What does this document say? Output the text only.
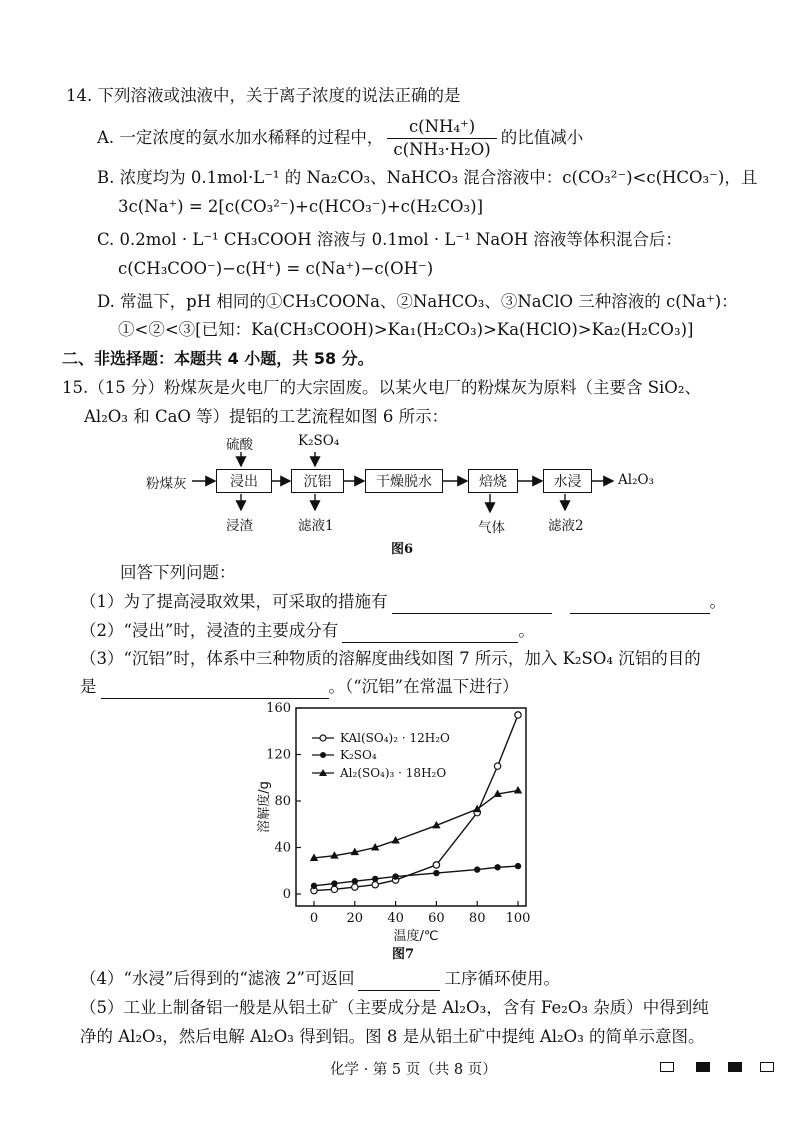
14. 下列溶液或浊液中，关于离子浓度的说法正确的是
A. 一定浓度的氨水加水稀释的过程中， $\frac{\text{c(NH₄⁺)}}{\text{c(NH₃·H₂O)}}$ 的比值减小
B. 浓度均为 0.1mol·L⁻¹ 的 Na₂CO₃、NaHCO₃ 混合溶液中：c(CO₃²⁻)<c(HCO₃⁻)，且
3c(Na⁺) = 2[c(CO₃²⁻)+c(HCO₃⁻)+c(H₂CO₃)]
C. 0.2mol · L⁻¹ CH₃COOH 溶液与 0.1mol · L⁻¹ NaOH 溶液等体积混合后：
c(CH₃COO⁻)−c(H⁺) = c(Na⁺)−c(OH⁻)
D. 常温下，pH 相同的①CH₃COONa、②NaHCO₃、③NaClO 三种溶液的 c(Na⁺)：
①<②<③[已知：Ka(CH₃COOH)>Ka₁(H₂CO₃)>Ka(HClO)>Ka₂(H₂CO₃)]
二、非选择题：本题共 4 小题，共 58 分。
15.（15 分）粉煤灰是火电厂的大宗固废。以某火电厂的粉煤灰为原料（主要含 SiO₂、
Al₂O₃ 和 CaO 等）提铝的工艺流程如图 6 所示：
粉煤灰	浸出	沉铝	干燥脱水	焙烧	水浸	Al₂O₃
硫酸	K₂SO₄
浸渣	滤液1	气体	滤液2
图6
回答下列问题：
（1）为了提高浸取效果，可采取的措施有	。
（2）“浸出”时，浸渣的主要成分有	。
（3）“沉铝”时，体系中三种物质的溶解度曲线如图 7 所示，加入 K₂SO₄ 沉铝的目的
是	。（“沉铝”在常温下进行）
0
40
80
120
160
0 20 40 60 80 100
温度/℃
溶解度/g
KAl(SO₄)₂ · 12H₂O
K₂SO₄
Al₂(SO₄)₃ · 18H₂O
图7
（4）“水浸”后得到的“滤液 2”可返回	工序循环使用。
（5）工业上制备铝一般是从铝土矿（主要成分是 Al₂O₃，含有 Fe₂O₃ 杂质）中得到纯
净的 Al₂O₃，然后电解 Al₂O₃ 得到铝。图 8 是从铝土矿中提纯 Al₂O₃ 的简单示意图。
化学 · 第 5 页（共 8 页）
